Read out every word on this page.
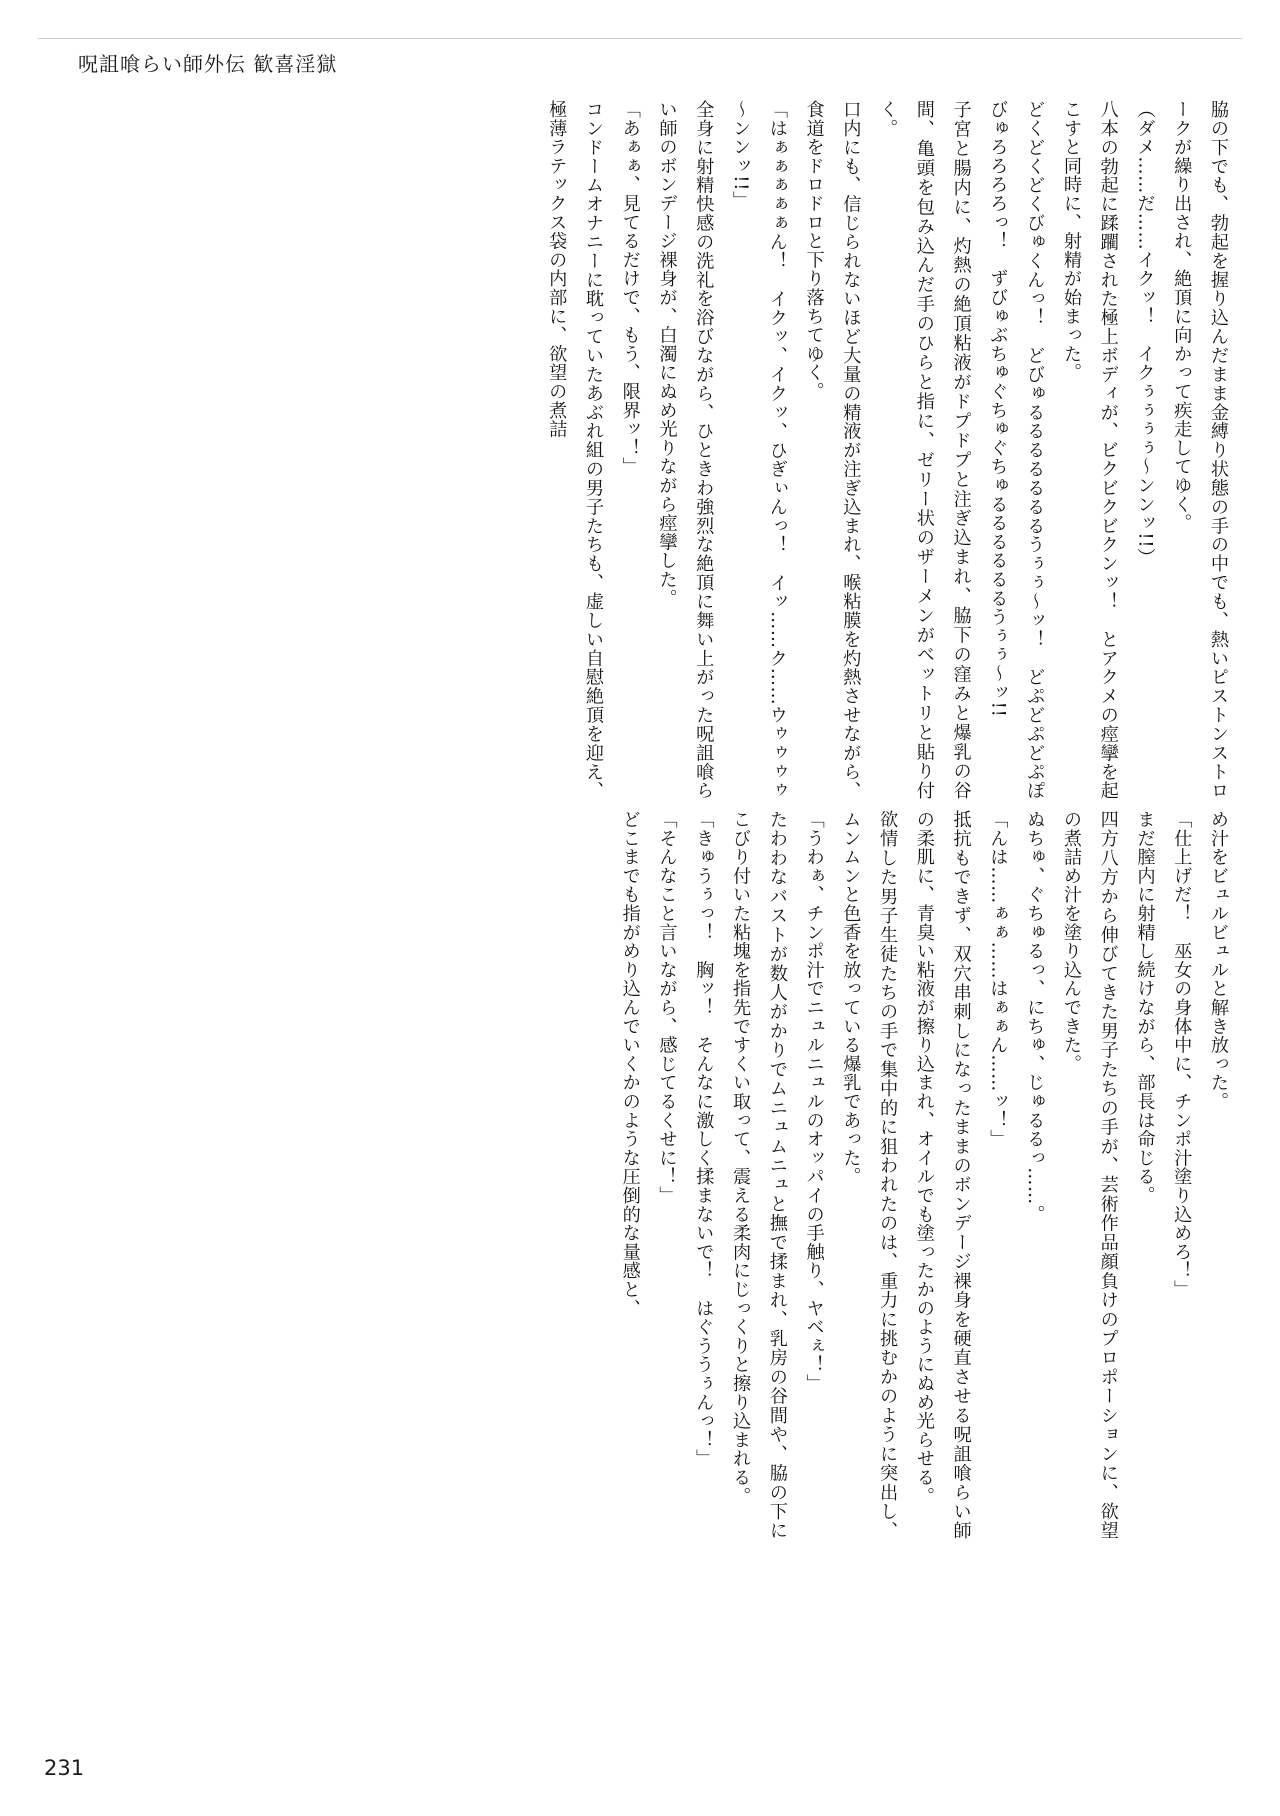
呪詛喰らい師外伝 歓喜淫獄

脇の下でも、勃起を握り込んだまま金縛り状態の手の中でも、熱いピストンストロークが繰り出され、絶頂に向かって疾走してゆく。

（ダメ……だ……イクッ！　イクぅぅぅぅ～ンンッ!!）

八本の勃起に蹂躙された極上ボディが、ビクビクビクンッ！　とアクメの痙攣を起こすと同時に、射精が始まった。

どくどくどくびゅくんっ！　どびゅるるるるるるるうぅぅ～ッ！　どぷどぷどぷぽびゅろろろろっ！　ずびゅぶちゅぐちゅぐちゅるるるるるるうぅぅ～ッ!!

子宮と腸内に、灼熱の絶頂粘液がドプドプと注ぎ込まれ、脇下の窪みと爆乳の谷間、亀頭を包み込んだ手のひらと指に、ゼリー状のザーメンがベットリと貼り付く。

口内にも、信じられないほど大量の精液が注ぎ込まれ、喉粘膜を灼熱させながら、食道をドロドロと下り落ちてゆく。

「はぁぁぁぁぁん！　イクッ、イクッ、ひぎぃんっ！　イッ……ク……ウゥゥゥゥ～ンンッ!!」

全身に射精快感の洗礼を浴びながら、ひときわ強烈な絶頂に舞い上がった呪詛喰らい師のボンデージ裸身が、白濁にぬめ光りながら痙攣した。

「あぁぁ、見てるだけで、もう、限界ッ！」

コンドームオナニーに耽っていたあぶれ組の男子たちも、虚しい自慰絶頂を迎え、極薄ラテックス袋の内部に、欲望の煮詰

め汁をビュルビュルと解き放った。

「仕上げだ！　巫女の身体中に、チンポ汁塗り込めろ！」

まだ膣内に射精し続けながら、部長は命じる。

四方八方から伸びてきた男子たちの手が、芸術作品顔負けのプロポーションに、欲望の煮詰め汁を塗り込んできた。

ぬちゅ、ぐちゅるっ、にちゅ、じゅるるっ……。

「んは……ぁぁ……はぁぁん……ッ！」

抵抗もできず、双穴串刺しになったままのボンデージ裸身を硬直させる呪詛喰らい師の柔肌に、青臭い粘液が擦り込まれ、オイルでも塗ったかのようにぬめ光らせる。

欲情した男子生徒たちの手で集中的に狙われたのは、重力に挑むかのように突出し、ムンムンと色香を放っている爆乳であった。

「うわぁ、チンポ汁でニュルニュルのオッパイの手触り、ヤベぇ！」

たわわなバストが数人がかりでムニュムニュと撫で揉まれ、乳房の谷間や、脇の下にこびり付いた粘塊を指先ですくい取って、震える柔肉にじっくりと擦り込まれる。

「きゅうぅっ！　胸ッ！　そんなに激しく揉まないで！　はぐううぅんっ！」

「そんなこと言いながら、感じてるくせに！」

どこまでも指がめり込んでいくかのような圧倒的な量感と、

231
